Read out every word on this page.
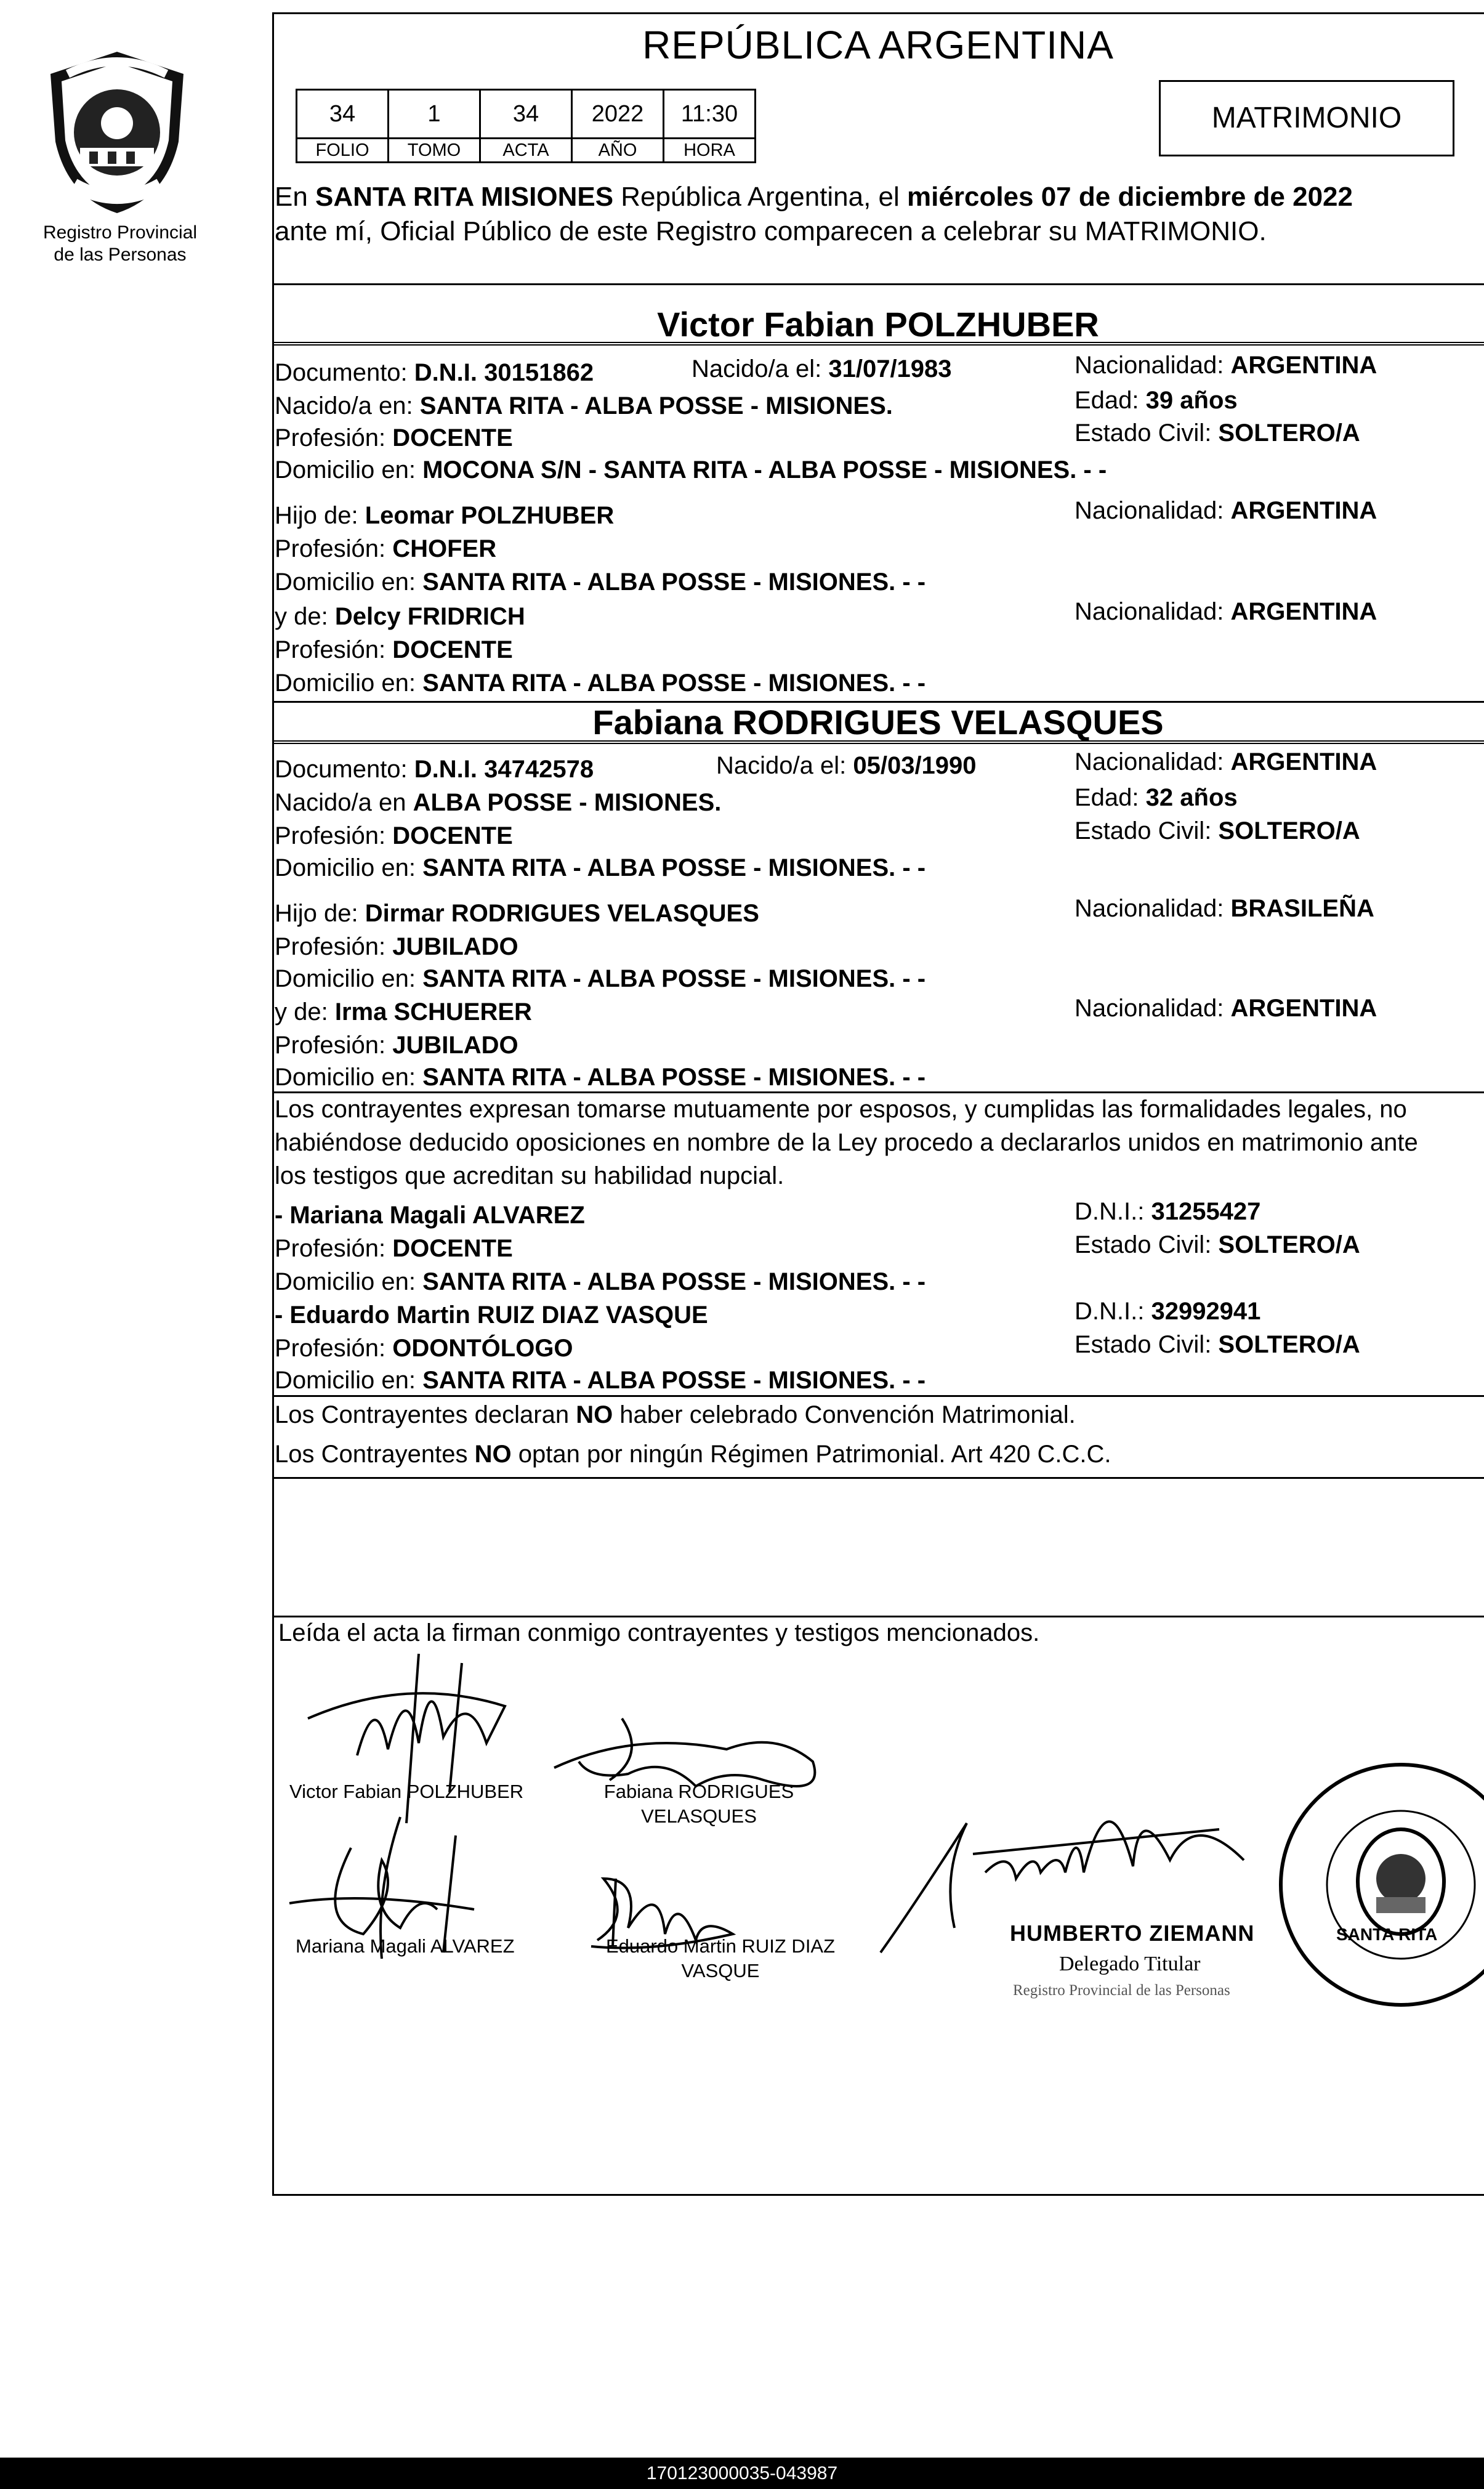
Registro Provincial
de las Personas
REPÚBLICA ARGENTINA
34	1	34	2022	11:30
FOLIO	TOMO	ACTA	AÑO	HORA
MATRIMONIO
En SANTA RITA MISIONES República Argentina, el miércoles 07 de diciembre de 2022
ante mí, Oficial Público de este Registro comparecen a celebrar su MATRIMONIO.
Victor Fabian POLZHUBER
Documento: D.N.I. 30151862	Nacido/a el: 31/07/1983	Nacionalidad: ARGENTINA
Nacido/a en: SANTA RITA - ALBA POSSE - MISIONES.	Edad: 39 años
Profesión: DOCENTE	Estado Civil: SOLTERO/A
Domicilio en: MOCONA S/N - SANTA RITA - ALBA POSSE - MISIONES. - -
Hijo de: Leomar POLZHUBER	Nacionalidad: ARGENTINA
Profesión: CHOFER
Domicilio en: SANTA RITA - ALBA POSSE - MISIONES. - -
y de: Delcy FRIDRICH	Nacionalidad: ARGENTINA
Profesión: DOCENTE
Domicilio en: SANTA RITA - ALBA POSSE - MISIONES. - -
Fabiana RODRIGUES VELASQUES
Documento: D.N.I. 34742578	Nacido/a el: 05/03/1990	Nacionalidad: ARGENTINA
Nacido/a en ALBA POSSE - MISIONES.	Edad: 32 años
Profesión: DOCENTE	Estado Civil: SOLTERO/A
Domicilio en: SANTA RITA - ALBA POSSE - MISIONES. - -
Hijo de: Dirmar RODRIGUES VELASQUES	Nacionalidad: BRASILEÑA
Profesión: JUBILADO
Domicilio en: SANTA RITA - ALBA POSSE - MISIONES. - -
y de: Irma SCHUERER	Nacionalidad: ARGENTINA
Profesión: JUBILADO
Domicilio en: SANTA RITA - ALBA POSSE - MISIONES. - -
Los contrayentes expresan tomarse mutuamente por esposos, y cumplidas las formalidades legales, no
habiéndose deducido oposiciones en nombre de la Ley procedo a declararlos unidos en matrimonio ante
los testigos que acreditan su habilidad nupcial.
- Mariana Magali ALVAREZ	D.N.I.: 31255427
Profesión: DOCENTE	Estado Civil: SOLTERO/A
Domicilio en: SANTA RITA - ALBA POSSE - MISIONES. - -
- Eduardo Martin RUIZ DIAZ VASQUE	D.N.I.: 32992941
Profesión: ODONTÓLOGO	Estado Civil: SOLTERO/A
Domicilio en: SANTA RITA - ALBA POSSE - MISIONES. - -
Los Contrayentes declaran NO haber celebrado Convención Matrimonial.
Los Contrayentes NO optan por ningún Régimen Patrimonial. Art 420 C.C.C.
Leída el acta la firman conmigo contrayentes y testigos mencionados.
Victor Fabian POLZHUBER	Fabiana RODRIGUES
VELASQUES
Mariana Magali ALVAREZ	Eduardo Martin RUIZ DIAZ
VASQUE
HUMBERTO ZIEMANN
Delegado Titular
Registro Provincial de las Personas
SANTA RITA
170123000035-043987
